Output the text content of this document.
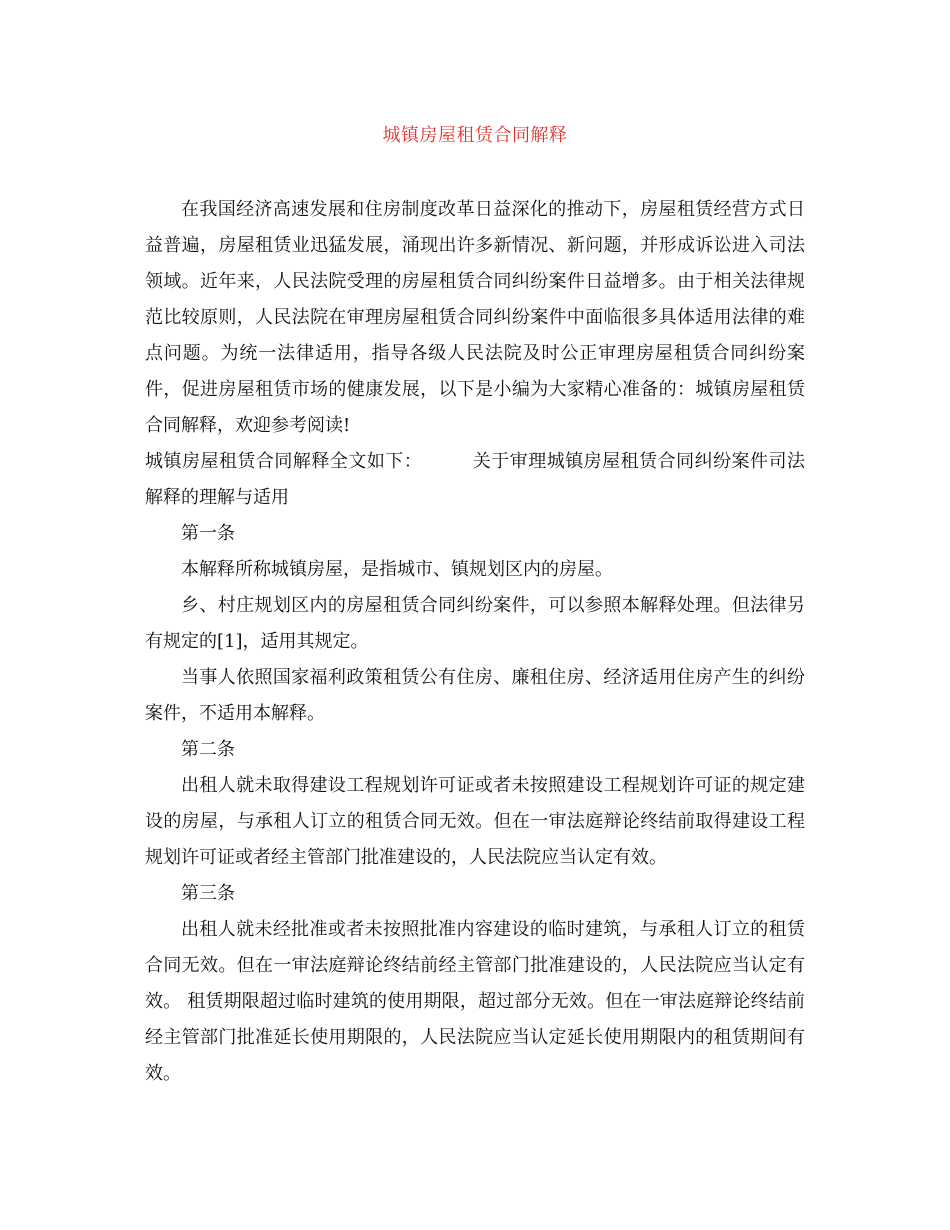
城镇房屋租赁合同解释

在我国经济高速发展和住房制度改革日益深化的推动下，房屋租赁经营方式日益普遍，房屋租赁业迅猛发展，涌现出许多新情况、新问题，并形成诉讼进入司法领域。近年来，人民法院受理的房屋租赁合同纠纷案件日益增多。由于相关法律规范比较原则，人民法院在审理房屋租赁合同纠纷案件中面临很多具体适用法律的难点问题。为统一法律适用，指导各级人民法院及时公正审理房屋租赁合同纠纷案件，促进房屋租赁市场的健康发展，以下是小编为大家精心准备的：城镇房屋租赁合同解释，欢迎参考阅读!

城镇房屋租赁合同解释全文如下：	关于审理城镇房屋租赁合同纠纷案件司法解释的理解与适用

第一条

本解释所称城镇房屋，是指城市、镇规划区内的房屋。

乡、村庄规划区内的房屋租赁合同纠纷案件，可以参照本解释处理。但法律另有规定的[1]，适用其规定。

当事人依照国家福利政策租赁公有住房、廉租住房、经济适用住房产生的纠纷案件，不适用本解释。

第二条

出租人就未取得建设工程规划许可证或者未按照建设工程规划许可证的规定建设的房屋，与承租人订立的租赁合同无效。但在一审法庭辩论终结前取得建设工程规划许可证或者经主管部门批准建设的，人民法院应当认定有效。

第三条

出租人就未经批准或者未按照批准内容建设的临时建筑，与承租人订立的租赁合同无效。但在一审法庭辩论终结前经主管部门批准建设的，人民法院应当认定有效。 租赁期限超过临时建筑的使用期限，超过部分无效。但在一审法庭辩论终结前经主管部门批准延长使用期限的，人民法院应当认定延长使用期限内的租赁期间有效。
